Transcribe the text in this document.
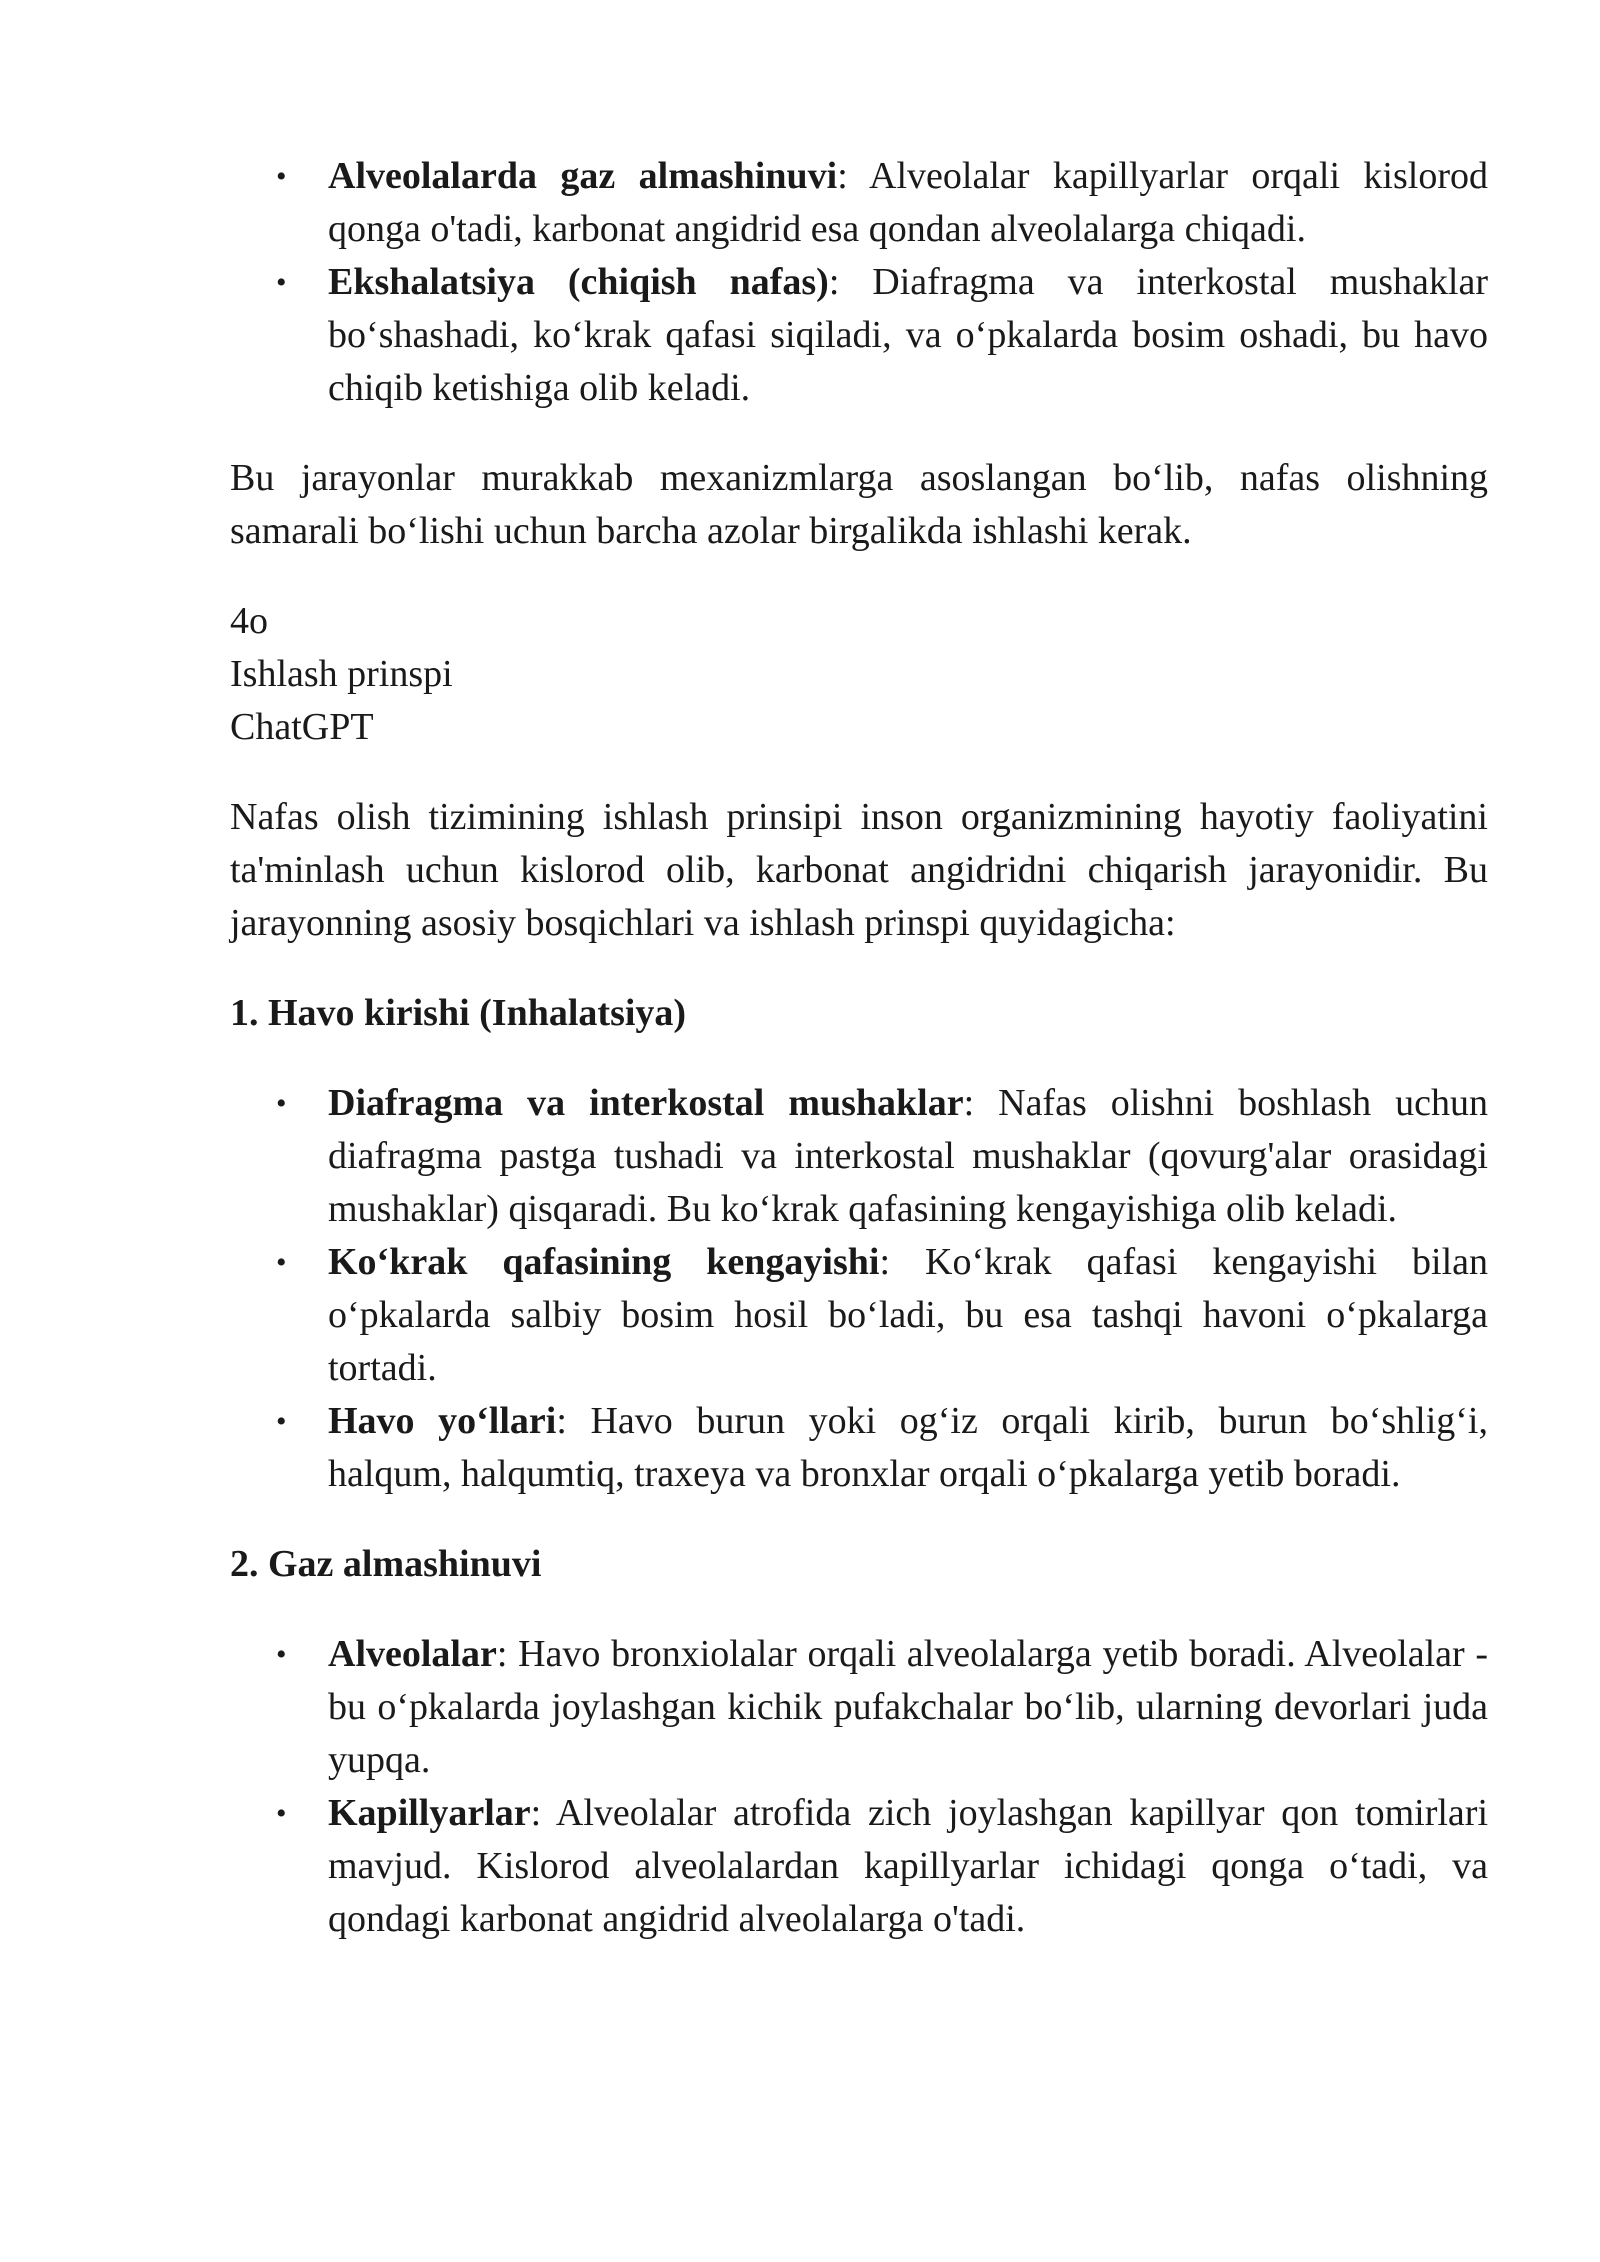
• Alveolalarda gaz almashinuvi: Alveolalar kapillyarlar orqali kislorod qonga o'tadi, karbonat angidrid esa qondan alveolalarga chiqadi.
• Ekshalatsiya (chiqish nafas): Diafragma va interkostal mushaklar bo‘shashadi, ko‘krak qafasi siqiladi, va o‘pkalarda bosim oshadi, bu havo chiqib ketishiga olib keladi.

Bu jarayonlar murakkab mexanizmlarga asoslangan bo‘lib, nafas olishning samarali bo‘lishi uchun barcha azolar birgalikda ishlashi kerak.

4o
Ishlash prinspi
ChatGPT

Nafas olish tizimining ishlash prinsipi inson organizmining hayotiy faoliyatini ta'minlash uchun kislorod olib, karbonat angidridni chiqarish jarayonidir. Bu jarayonning asosiy bosqichlari va ishlash prinspi quyidagicha:

1. Havo kirishi (Inhalatsiya)
• Diafragma va interkostal mushaklar: Nafas olishni boshlash uchun diafragma pastga tushadi va interkostal mushaklar (qovurg'alar orasidagi mushaklar) qisqaradi. Bu ko‘krak qafasining kengayishiga olib keladi.
• Ko‘krak qafasining kengayishi: Ko‘krak qafasi kengayishi bilan o‘pkalarda salbiy bosim hosil bo‘ladi, bu esa tashqi havoni o‘pkalarga tortadi.
• Havo yo‘llari: Havo burun yoki og‘iz orqali kirib, burun bo‘shlig‘i, halqum, halqumtiq, traxeya va bronxlar orqali o‘pkalarga yetib boradi.
2. Gaz almashinuvi
• Alveolalar: Havo bronxiolalar orqali alveolalarga yetib boradi. Alveolalar - bu o‘pkalarda joylashgan kichik pufakchalar bo‘lib, ularning devorlari juda yupqa.
• Kapillyarlar: Alveolalar atrofida zich joylashgan kapillyar qon tomirlari mavjud. Kislorod alveolalardan kapillyarlar ichidagi qonga o‘tadi, va qondagi karbonat angidrid alveolalarga o'tadi.
